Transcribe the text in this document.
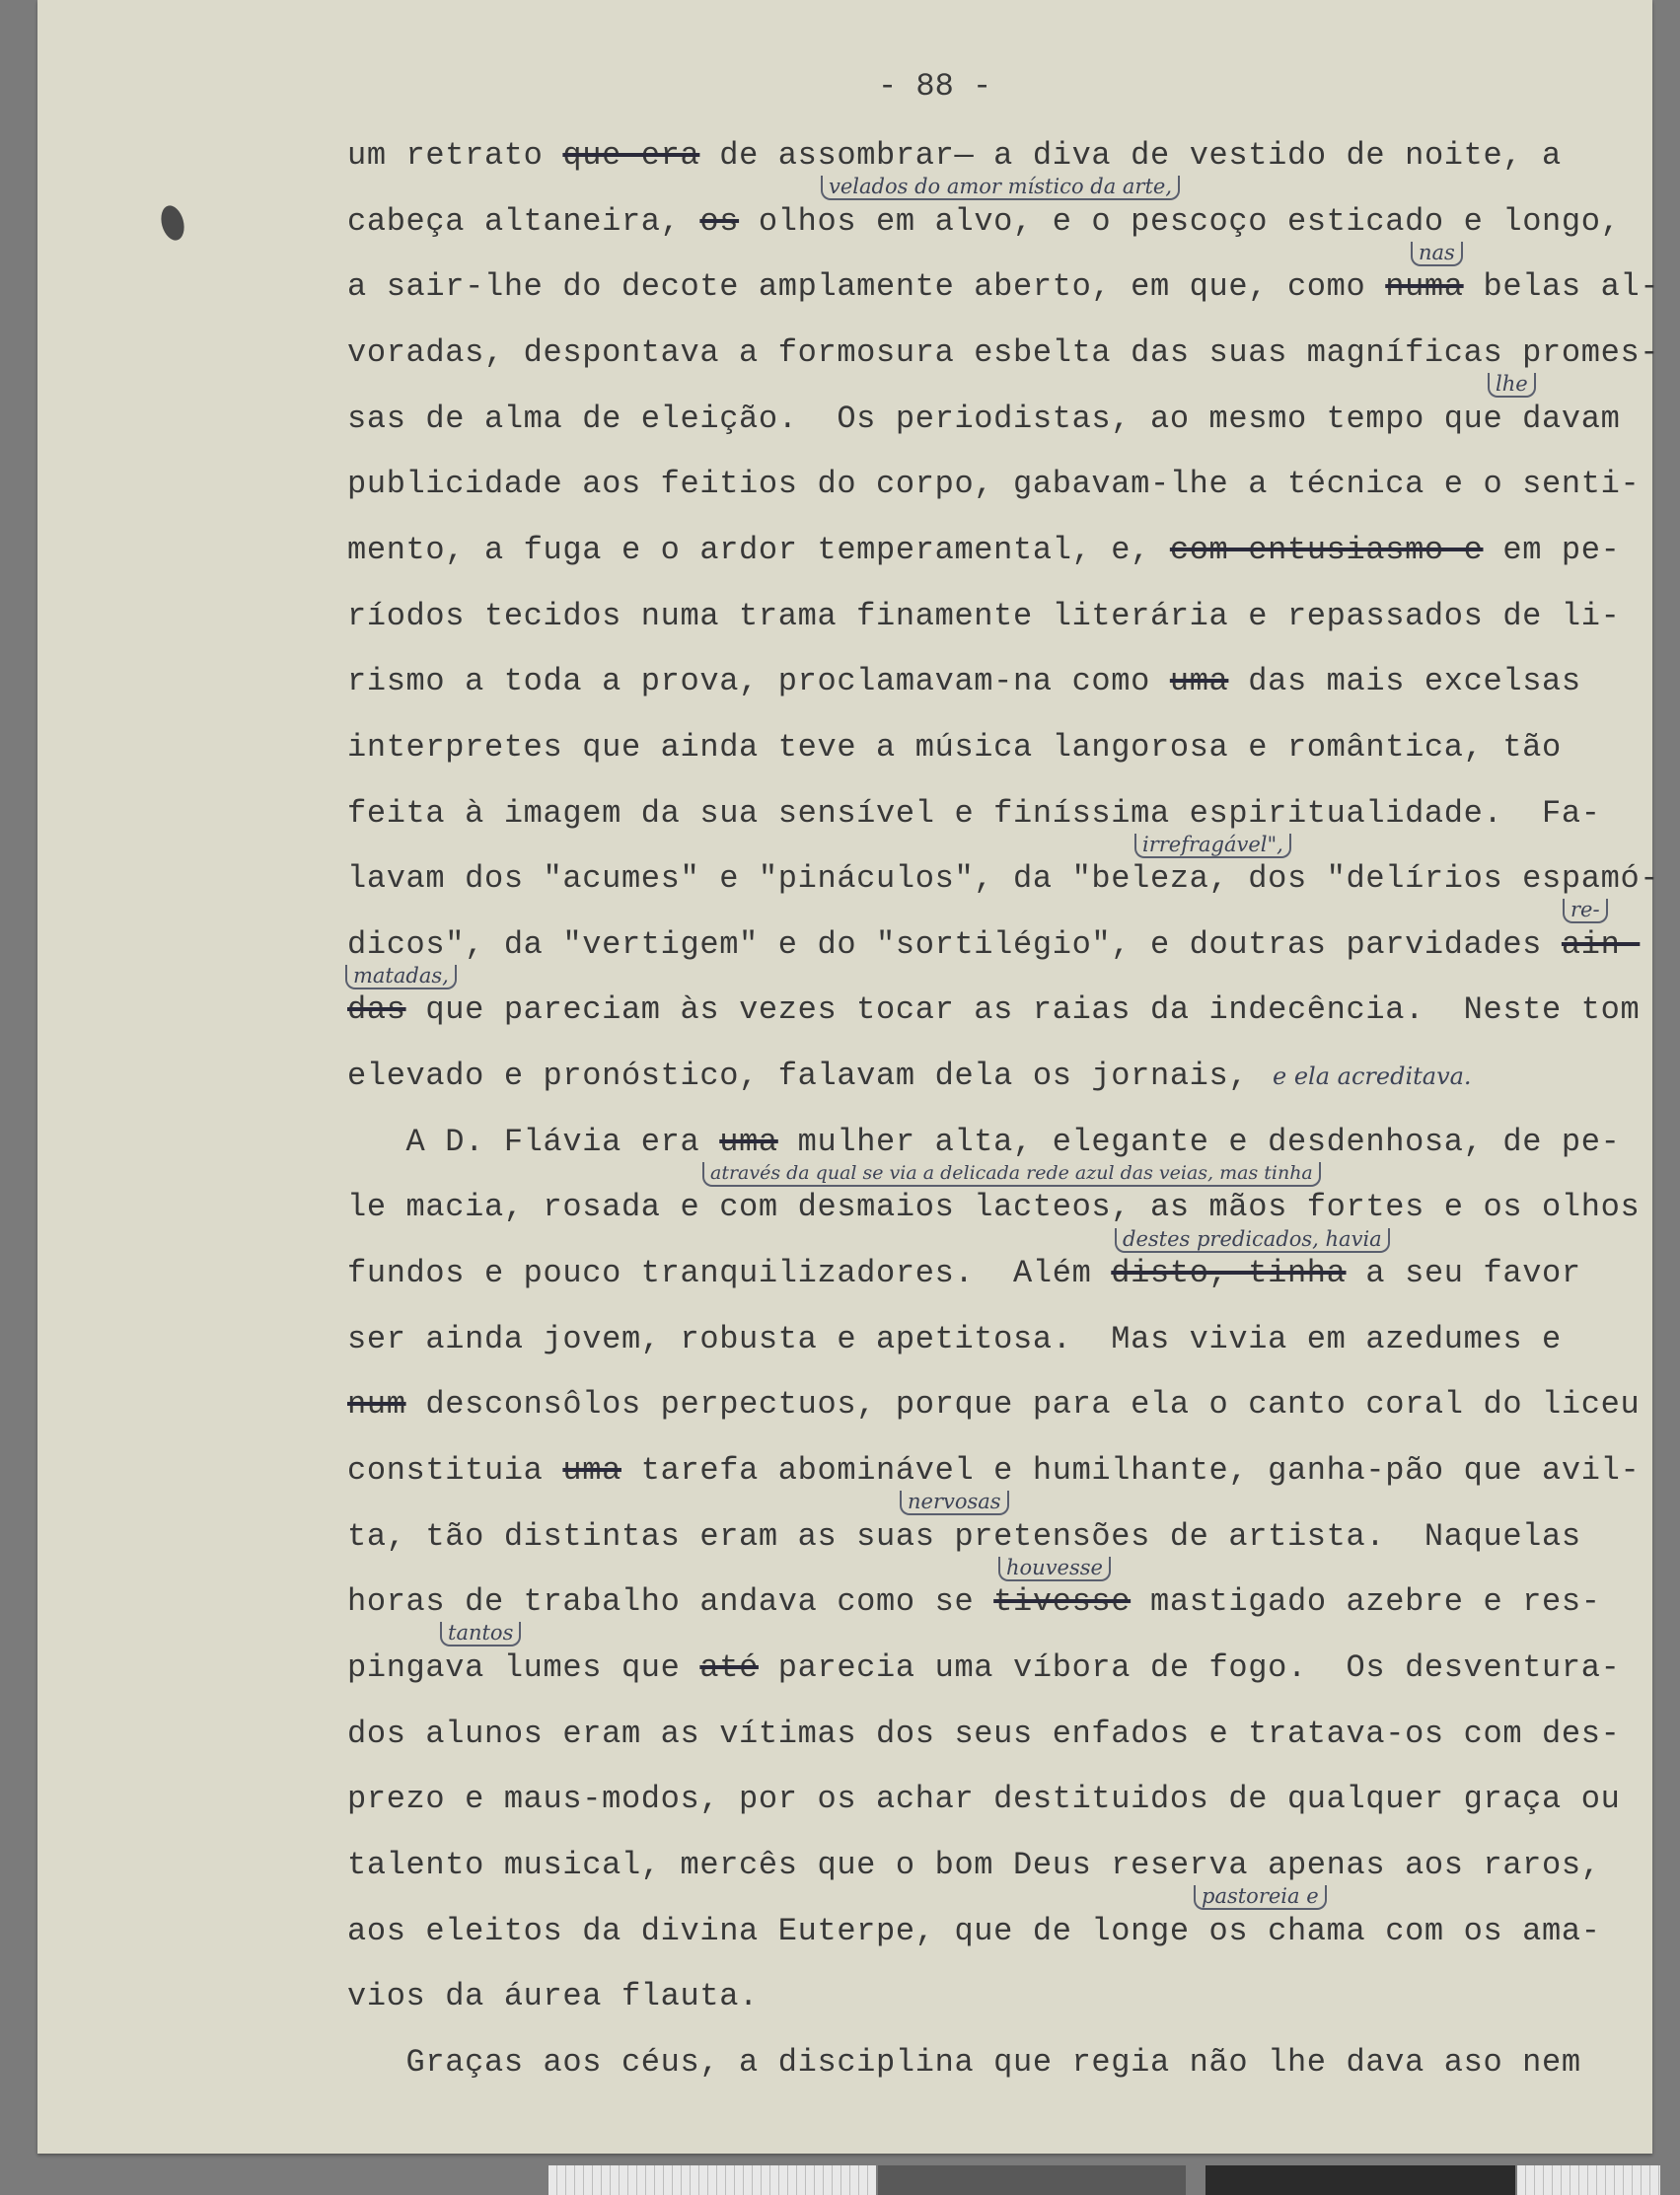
- 88 -
um retrato que era de assombrar— a diva de vestido de noite, a
cabeça altaneira, os olhos em alvo, e o pescoço esticado e longo,
a sair-lhe do decote amplamente aberto, em que, como numa belas al-
voradas, despontava a formosura esbelta das suas magníficas promes-
sas de alma de eleição.  Os periodistas, ao mesmo tempo que davam
publicidade aos feitios do corpo, gabavam-lhe a técnica e o senti-
mento, a fuga e o ardor temperamental, e, com entusiasmo e em pe-
ríodos tecidos numa trama finamente literária e repassados de li-
rismo a toda a prova, proclamavam-na como uma das mais excelsas
interpretes que ainda teve a música langorosa e romântica, tão
feita à imagem da sua sensível e finíssima espiritualidade.  Fa-
lavam dos "acumes" e "pináculos", da "beleza, dos "delírios espamó-
dicos", da "vertigem" e do "sortilégio", e doutras parvidades ain-
das que pareciam às vezes tocar as raias da indecência.  Neste tom
elevado e pronóstico, falavam dela os jornais,
A D. Flávia era uma mulher alta, elegante e desdenhosa, de pe-
le macia, rosada e com desmaios lacteos, as mãos fortes e os olhos
fundos e pouco tranquilizadores.  Além disto, tinha a seu favor
ser ainda jovem, robusta e apetitosa.  Mas vivia em azedumes e
num desconsôlos perpectuos, porque para ela o canto coral do liceu
constituia uma tarefa abominável e humilhante, ganha-pão que avil-
ta, tão distintas eram as suas pretensões de artista.  Naquelas
horas de trabalho andava como se tivesse mastigado azebre e res-
pingava lumes que até parecia uma víbora de fogo.  Os desventura-
dos alunos eram as vítimas dos seus enfados e tratava-os com des-
prezo e maus-modos, por os achar destituidos de qualquer graça ou
talento musical, mercês que o bom Deus reserva apenas aos raros,
aos eleitos da divina Euterpe, que de longe os chama com os ama-
vios da áurea flauta.
Graças aos céus, a disciplina que regia não lhe dava aso nem
velados do amor místico da arte,
nas
lhe
irrefragável",
re-
matadas,
e ela acreditava.
através da qual se via a delicada rede azul das veias, mas tinha
destes predicados, havia
nervosas
houvesse
tantos
pastoreia e
